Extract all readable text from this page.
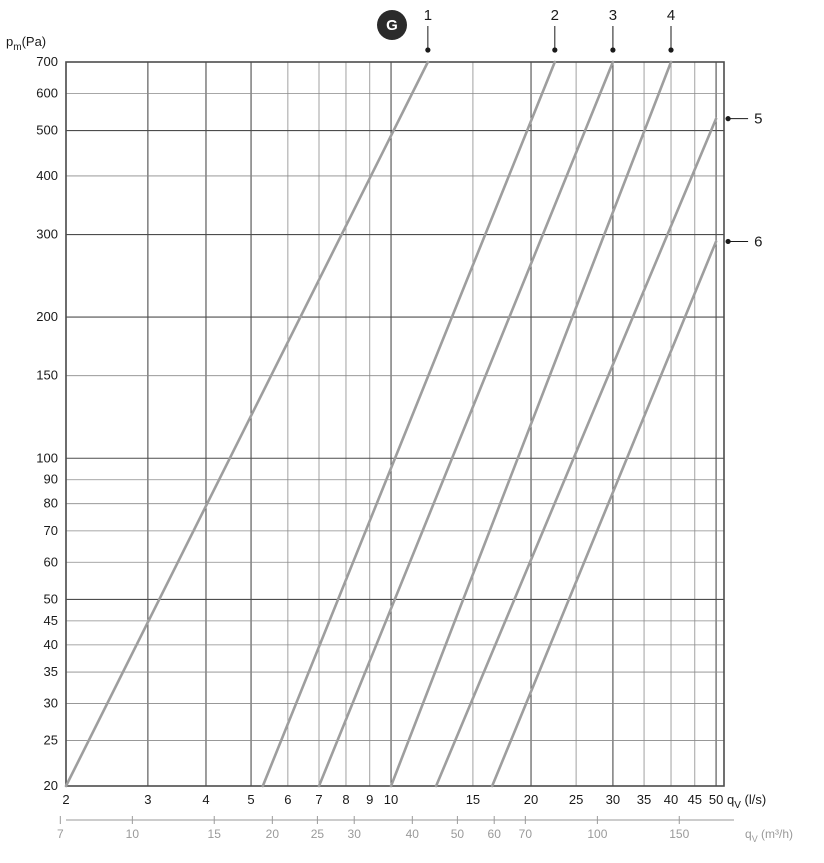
20
25
30
35
40
45
50
60
70
80
90
100
150
200
300
400
500
600
700
2	3	4	5 6 7 8 9 10	15	20 25 30 35 40 45 50
7	10	15	20	25 30	40	50 60 70	100	150
1	2	3	4
5
6
G
$p_m(Pa)$
$q_V$ (l/s)
$q_V$ (m³/h)
